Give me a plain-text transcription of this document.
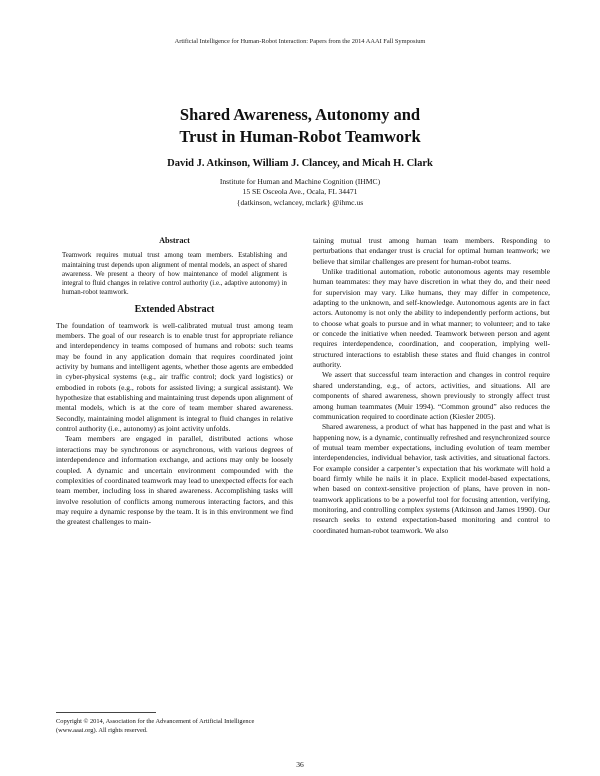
Artificial Intelligence for Human-Robot Interaction: Papers from the 2014 AAAI Fall Symposium
Shared Awareness, Autonomy and
Trust in Human-Robot Teamwork
David J. Atkinson, William J. Clancey, and Micah H. Clark
Institute for Human and Machine Cognition (IHMC)
15 SE Osceola Ave., Ocala, FL 34471
{datkinson, wclancey, mclark} @ihmc.us
Abstract

Teamwork requires mutual trust among team members. Establishing and maintaining trust depends upon alignment of mental models, an aspect of shared awareness. We present a theory of how maintenance of model alignment is integral to fluid changes in relative control authority (i.e., adaptive autonomy) in human-robot teamwork.

Extended Abstract

The foundation of teamwork is well-calibrated mutual trust among team members. The goal of our research is to enable trust for appropriate reliance and interdependency in teams composed of humans and robots: such teams may be found in any application domain that requires coordinated joint activity by humans and intelligent agents, whether those agents are embedded in cyber-physical systems (e.g., air traffic control; dock yard logistics) or embodied in robots (e.g., robots for assisted living; a surgical assistant). We hypothesize that establishing and maintaining trust depends upon alignment of mental models, which is at the core of team member shared awareness. Secondly, maintaining model alignment is integral to fluid changes in relative control authority (i.e., autonomy) as joint activity unfolds.

Team members are engaged in parallel, distributed actions whose interactions may be synchronous or asynchronous, with various degrees of interdependence and information exchange, and actions may only be loosely coupled. A dynamic and uncertain environment compounded with the complexities of coordinated teamwork may lead to unexpected effects for each team member, including loss in shared awareness. Accomplishing tasks will involve resolution of conflicts among numerous interacting factors, and this may require a dynamic response by the team. It is in this environment we find the greatest challenges to main-

taining mutual trust among human team members. Responding to perturbations that endanger trust is crucial for optimal human teamwork; we believe that similar challenges are present for human-robot teams.

Unlike traditional automation, robotic autonomous agents may resemble human teammates: they may have discretion in what they do, and their need for supervision may vary. Like humans, they may differ in competence, adapting to the unknown, and self-knowledge. Autonomous agents are in fact actors. Autonomy is not only the ability to independently perform actions, but to choose what goals to pursue and in what manner; to volunteer; and to take or concede the initiative when needed. Teamwork between person and agent requires interdependence, coordination, and cooperation, implying well-structured interactions to establish these states and fluid changes in control authority.

We assert that successful team interaction and changes in control require shared understanding, e.g., of actors, activities, and situations. All are components of shared awareness, shown previously to strongly affect trust among human teammates (Muir 1994). “Common ground” also reduces the communication required to coordinate action (Kiesler 2005).

Shared awareness, a product of what has happened in the past and what is happening now, is a dynamic, continually refreshed and resynchronized source of mutual team member expectations, including evolution of team member interdependencies, individual behavior, task activities, and situational factors. For example consider a carpenter’s expectation that his workmate will hold a board firmly while he nails it in place. Explicit model-based expectations, when based on context-sensitive projection of plans, have proven in non-teamwork applications to be a powerful tool for focusing attention, verifying, monitoring, and controlling complex systems (Atkinson and James 1990). Our research seeks to extend expectation-based monitoring and control to coordinated human-robot teamwork. We also

Copyright © 2014, Association for the Advancement of Artificial Intelligence (www.aaai.org). All rights reserved.
36
